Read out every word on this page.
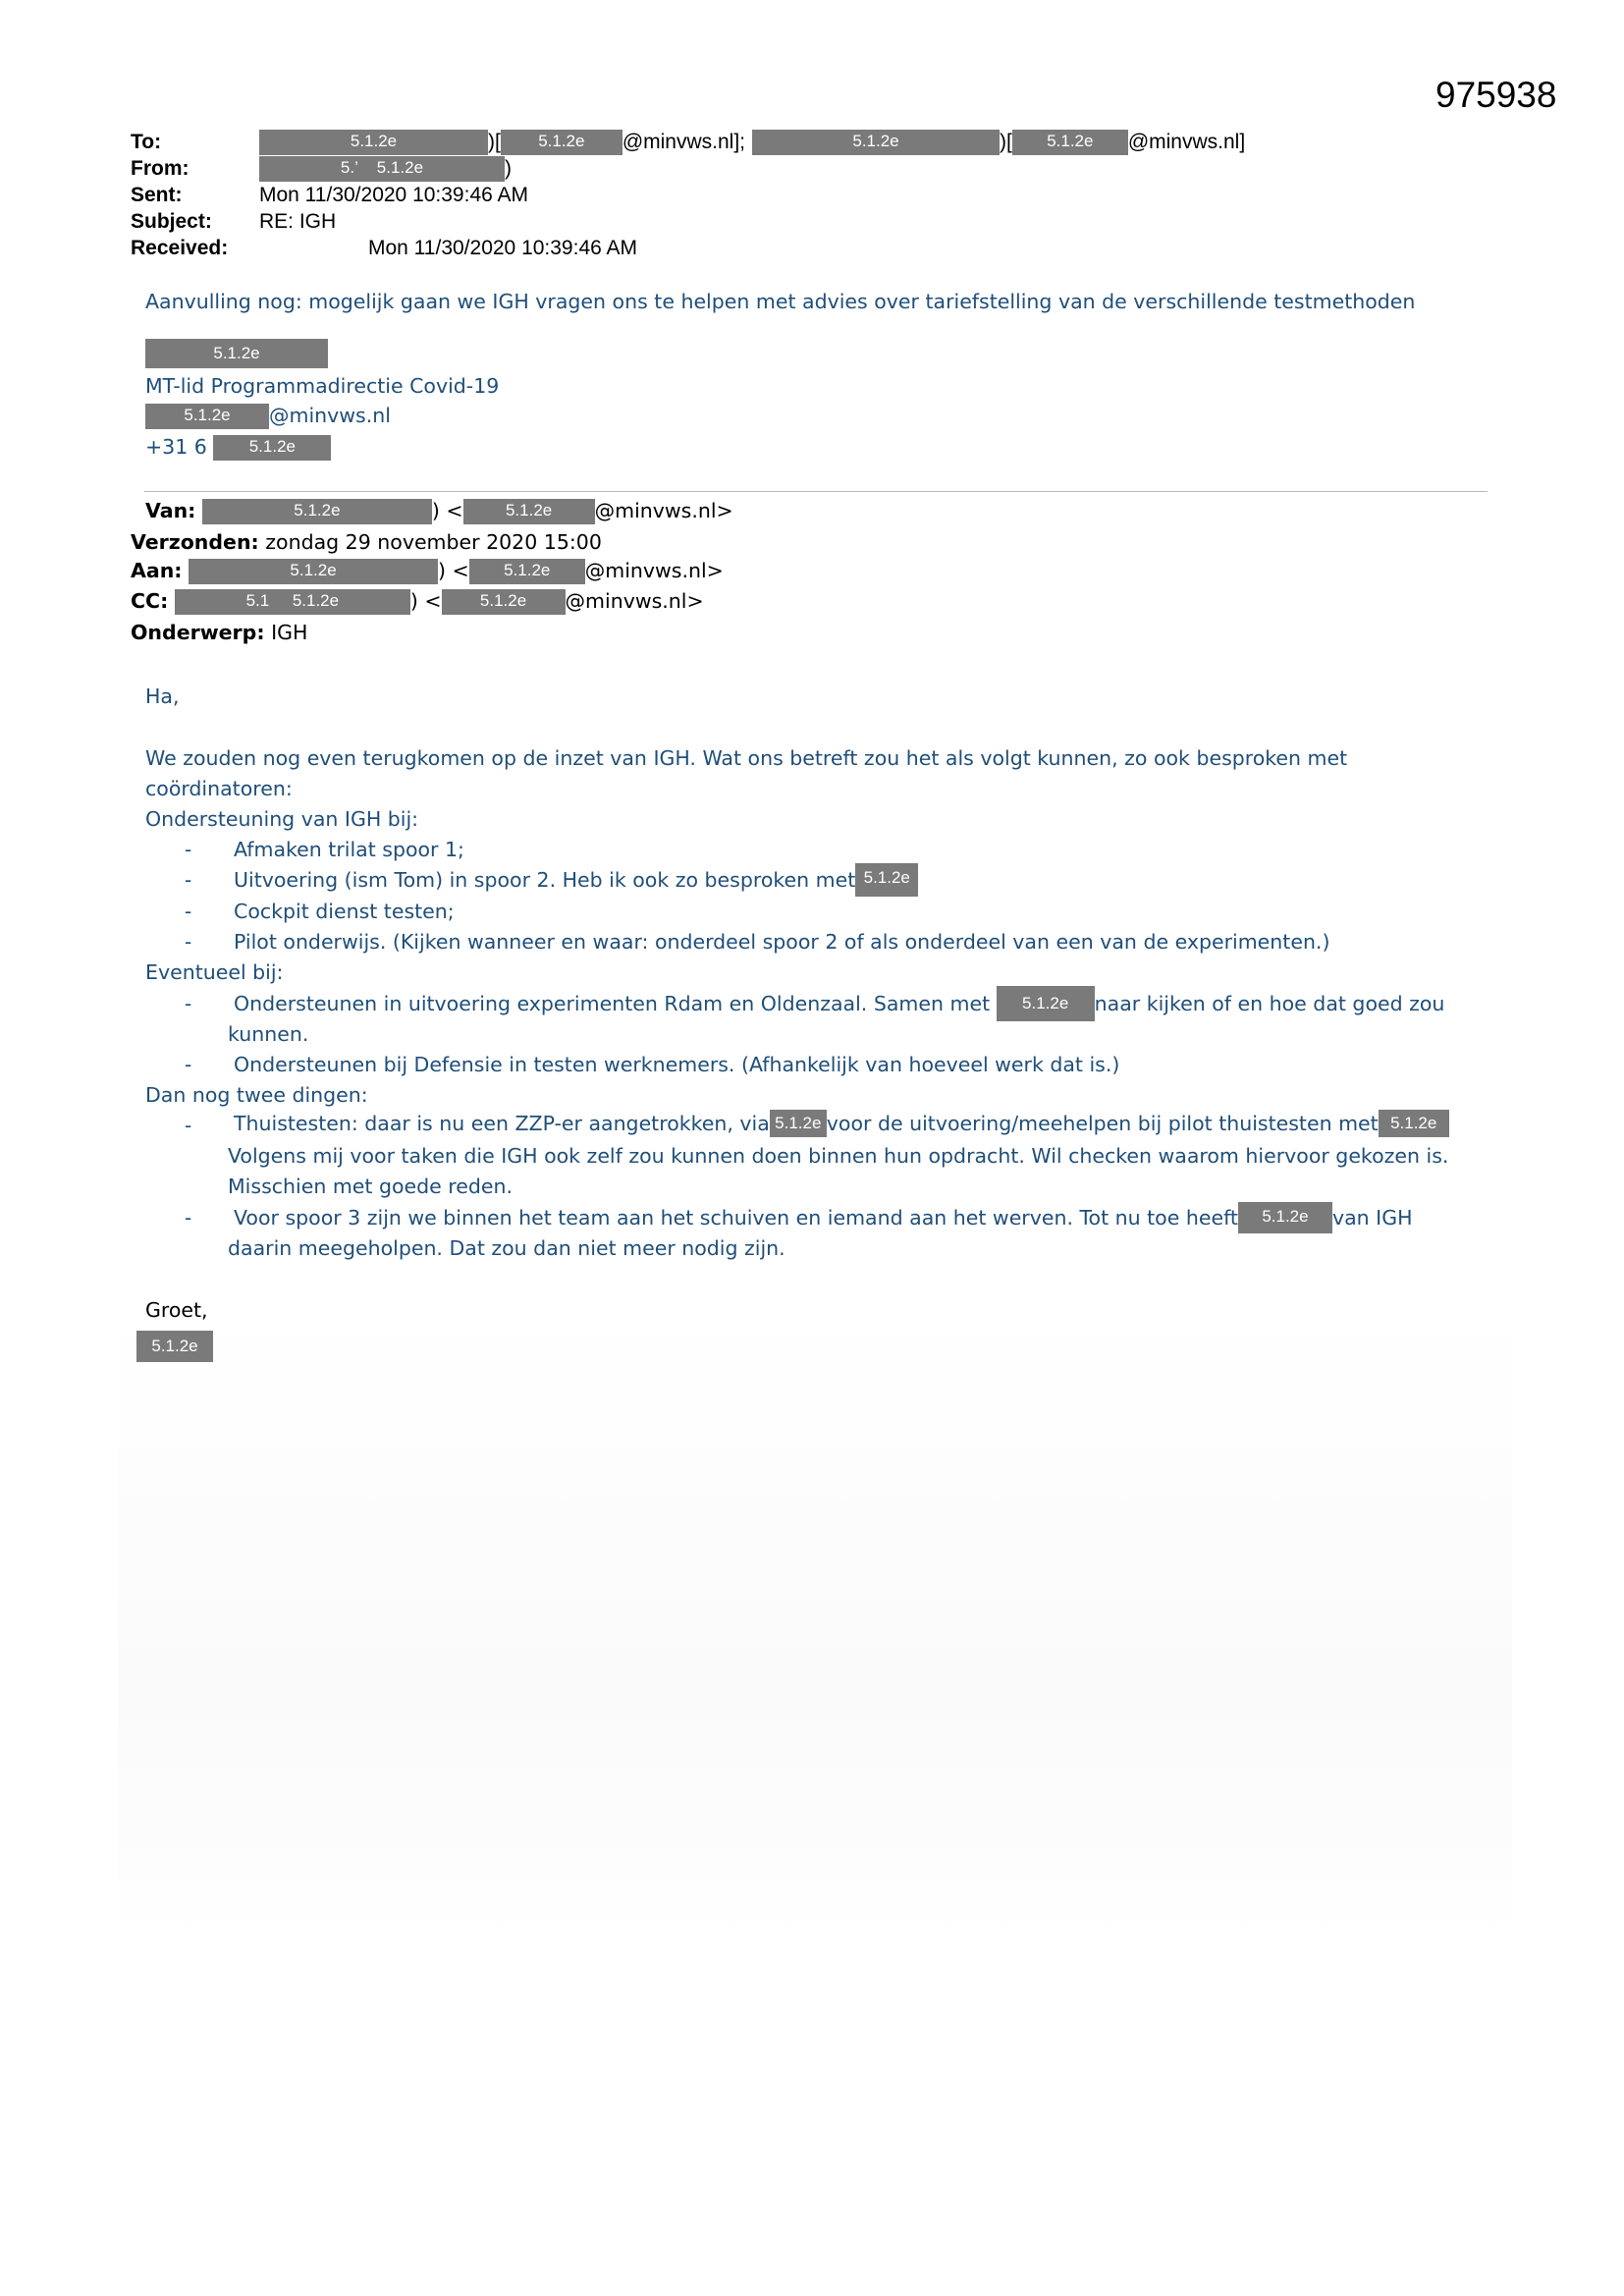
975938
To:	5.1.2e	)[ 5.1.2e @minvws.nl];	5.1.2e	)[ 5.1.2e @minvws.nl]
From:	5.’ 5.1.2e	)
Sent:	Mon 11/30/2020 10:39:46 AM
Subject: RE: IGH
Received:	Mon 11/30/2020 10:39:46 AM
Aanvulling nog: mogelijk gaan we IGH vragen ons te helpen met advies over tariefstelling van de verschillende testmethoden
5.1.2e
MT-lid Programmadirectie Covid-19
5.1.2e @minvws.nl
+31 6	5.1.2e
Van:	5.1.2e	) <	5.1.2e @minvws.nl>
Verzonden: zondag 29 november 2020 15:00
Aan:	5.1.2e	) < 5.1.2e @minvws.nl>
CC:	5.1 5.1.2e	) < 5.1.2e @minvws.nl>
Onderwerp: IGH
Ha,
We zouden nog even terugkomen op de inzet van IGH. Wat ons betreft zou het als volgt kunnen, zo ook besproken met
coördinatoren:
Ondersteuning van IGH bij:
- Afmaken trilat spoor 1;
- Uitvoering (ism Tom) in spoor 2. Heb ik ook zo besproken met 5.1.2e
- Cockpit dienst testen;
- Pilot onderwijs. (Kijken wanneer en waar: onderdeel spoor 2 of als onderdeel van een van de experimenten.)
Eventueel bij:
- Ondersteunen in uitvoering experimenten Rdam en Oldenzaal. Samen met 5.1.2e naar kijken of en hoe dat goed zou
kunnen.
- Ondersteunen bij Defensie in testen werknemers. (Afhankelijk van hoeveel werk dat is.)
Dan nog twee dingen:
- Thuistesten: daar is nu een ZZP-er aangetrokken, via 5.1.2e voor de uitvoering/meehelpen bij pilot thuistesten met 5.1.2e
Volgens mij voor taken die IGH ook zelf zou kunnen doen binnen hun opdracht. Wil checken waarom hiervoor gekozen is.
Misschien met goede reden.
- Voor spoor 3 zijn we binnen het team aan het schuiven en iemand aan het werven. Tot nu toe heeft 5.1.2e van IGH
daarin meegeholpen. Dat zou dan niet meer nodig zijn.
Groet,
5.1.2e
